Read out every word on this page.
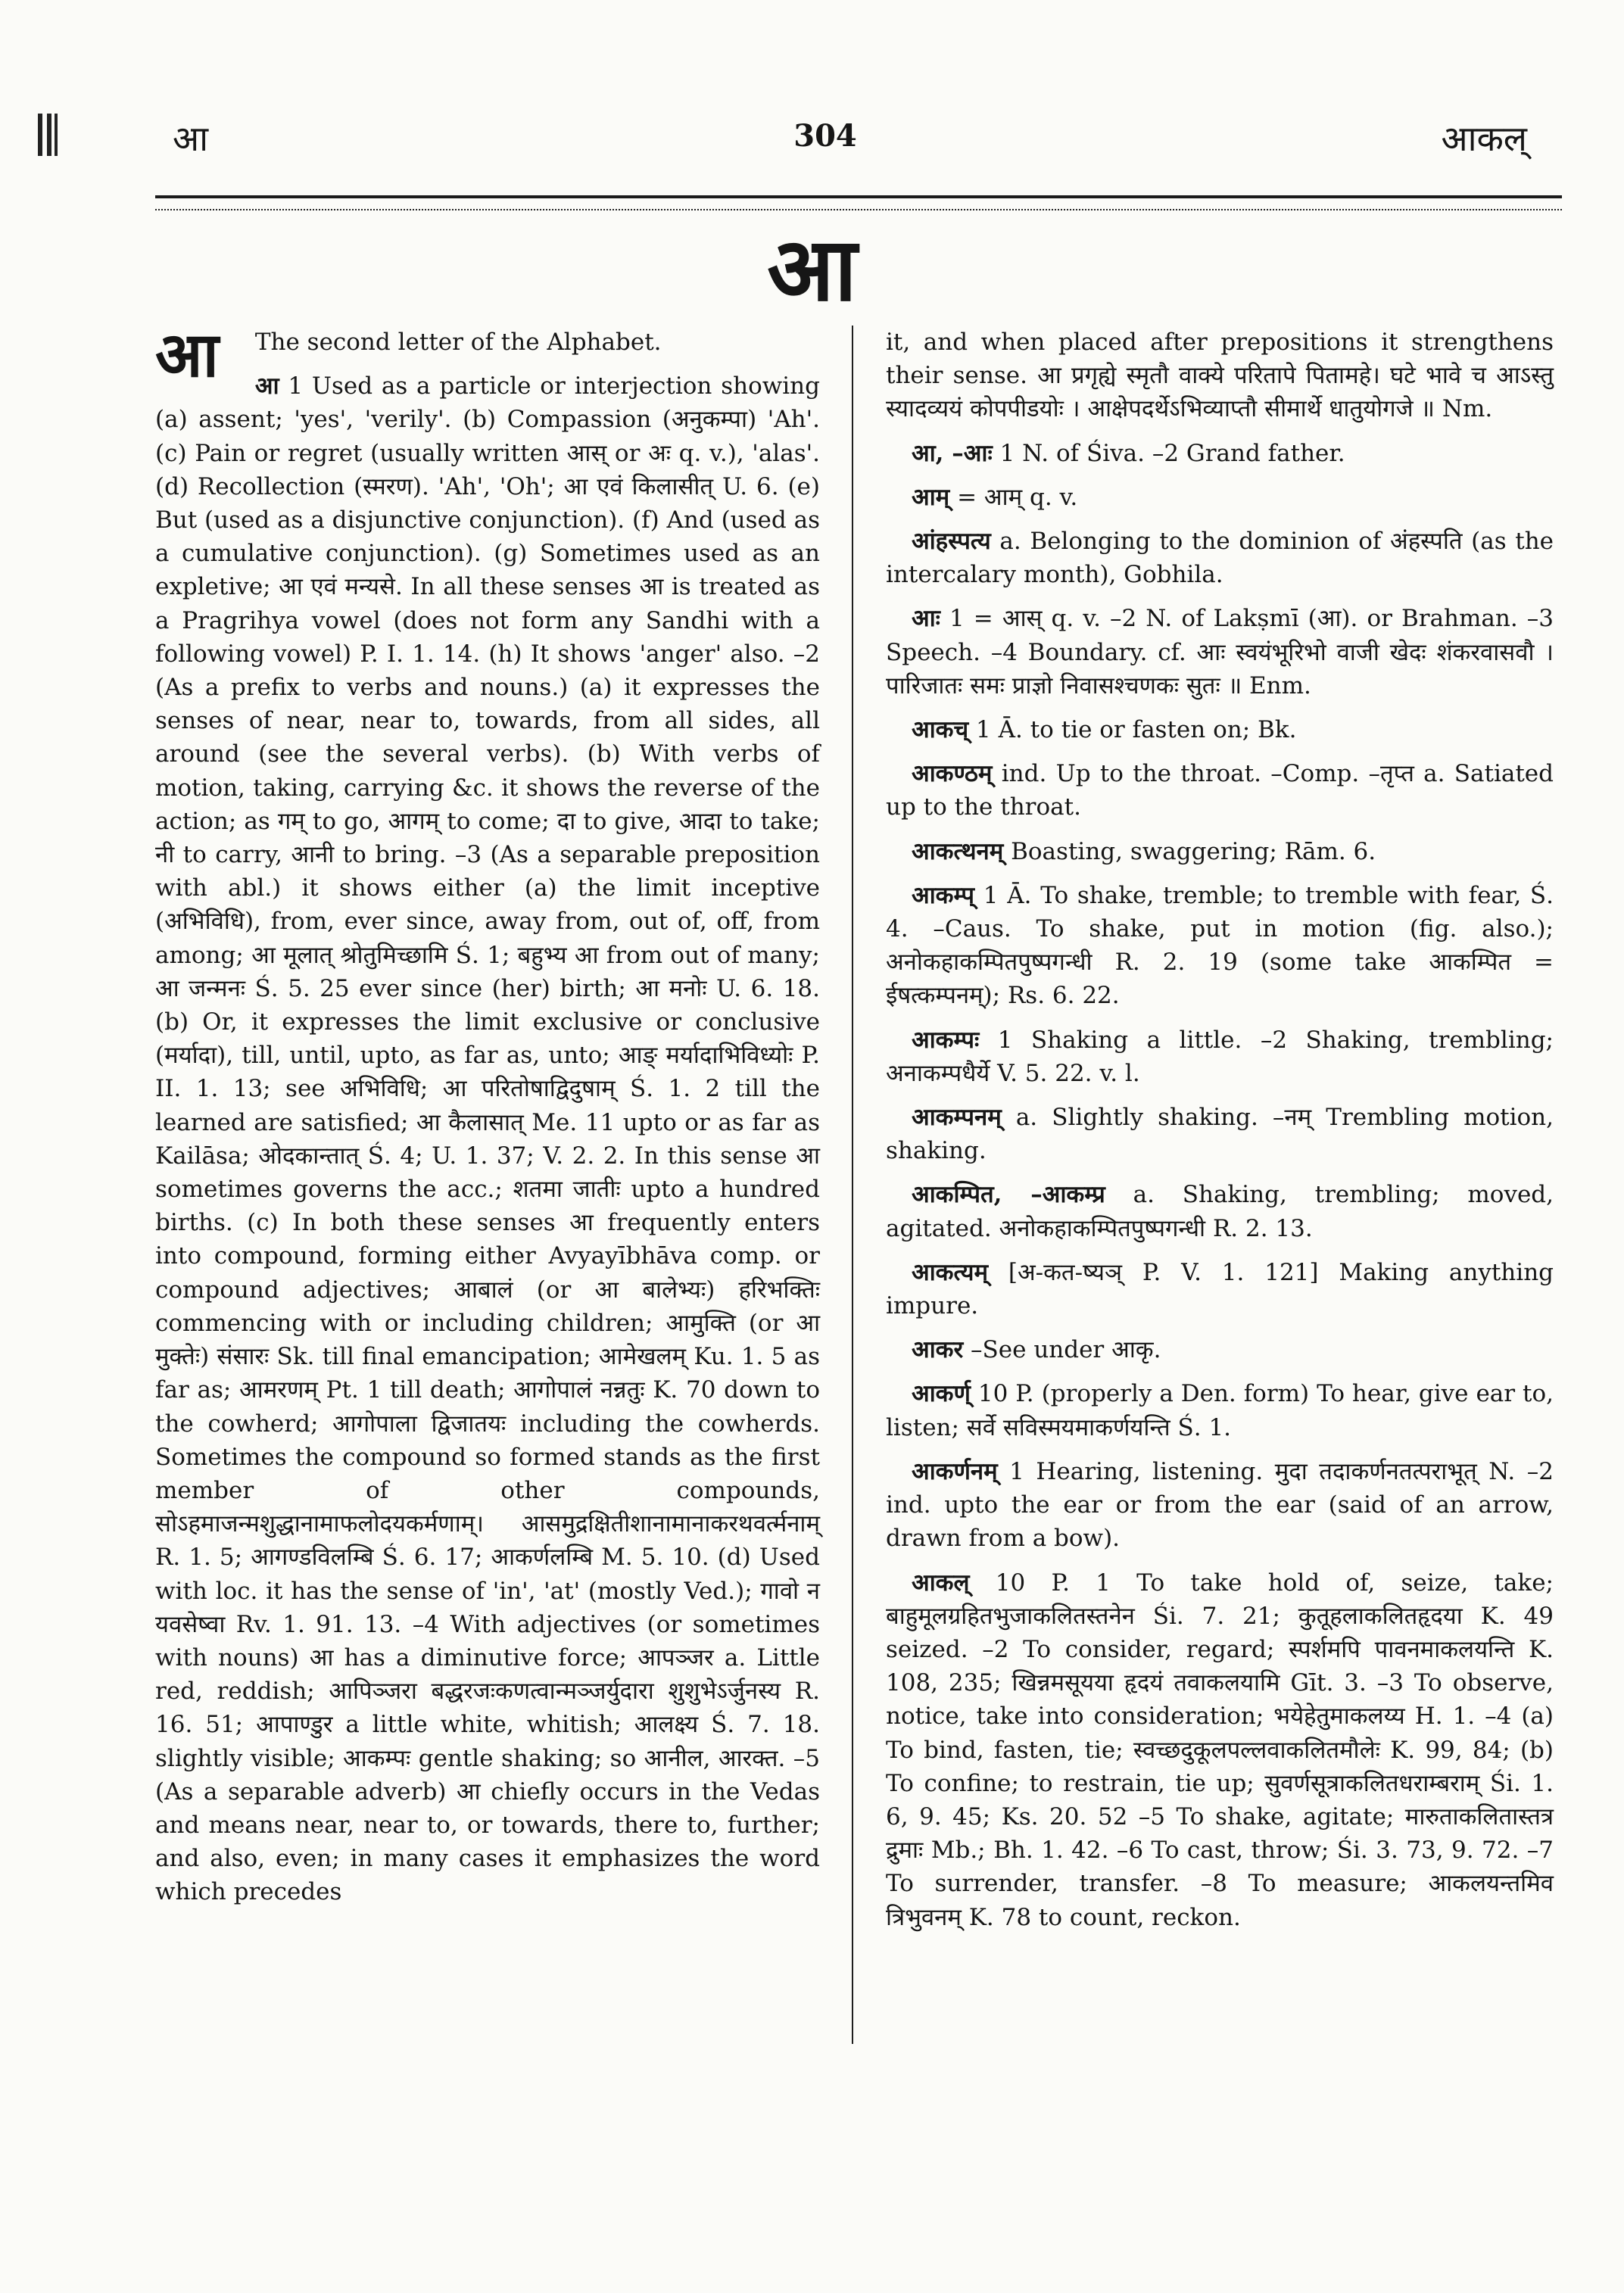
आ	304	आकल्
आ

आ The second letter of the Alphabet.

आ 1 Used as a particle or interjection showing (a) assent; 'yes', 'verily'. (b) Compassion (अनुकम्पा) 'Ah'. (c) Pain or regret (usually written आस् or अः q. v.), 'alas'. (d) Recollection (स्मरण). 'Ah', 'Oh'; आ एवं किलासीत् U. 6. (e) But (used as a disjunctive conjunction). (f) And (used as a cumulative conjunction). (g) Sometimes used as an expletive; आ एवं मन्यसे. In all these senses आ is treated as a Pragrihya vowel (does not form any Sandhi with a following vowel) P. I. 1. 14. (h) It shows 'anger' also. –2 (As a prefix to verbs and nouns.) (a) it expresses the senses of near, near to, towards, from all sides, all around (see the several verbs). (b) With verbs of motion, taking, carrying &c. it shows the reverse of the action; as गम् to go, आगम् to come; दा to give, आदा to take; नी to carry, आनी to bring. –3 (As a separable preposition with abl.) it shows either (a) the limit inceptive (अभिविधि), from, ever since, away from, out of, off, from among; आ मूलात् श्रोतुमिच्छामि Ś. 1; बहुभ्य आ from out of many; आ जन्मनः Ś. 5. 25 ever since (her) birth; आ मनोः U. 6. 18. (b) Or, it expresses the limit exclusive or conclusive (मर्यादा), till, until, upto, as far as, unto; आङ् मर्यादाभिविध्योः P. II. 1. 13; see अभिविधि; आ परितोषाद्विदुषाम् Ś. 1. 2 till the learned are satisfied; आ कैलासात् Me. 11 upto or as far as Kailāsa; ओदकान्तात् Ś. 4; U. 1. 37; V. 2. 2. In this sense आ sometimes governs the acc.; शतमा जातीः upto a hundred births. (c) In both these senses आ frequently enters into compound, forming either Avyayībhāva comp. or compound adjectives; आबालं (or आ बालेभ्यः) हरिभक्तिः commencing with or including children; आमुक्ति (or आ मुक्तेः) संसारः Sk. till final emancipation; आमेखलम् Ku. 1. 5 as far as; आमरणम् Pt. 1 till death; आगोपालं नन्नतुः K. 70 down to the cowherd; आगोपाला द्विजातयः including the cowherds. Sometimes the compound so formed stands as the first member of other compounds, सोऽहमाजन्मशुद्धानामाफलोदयकर्मणाम्। आसमुद्रक्षितीशानामानाकरथवर्त्मनाम् R. 1. 5; आगण्डविलम्बि Ś. 6. 17; आकर्णलम्बि M. 5. 10. (d) Used with loc. it has the sense of 'in', 'at' (mostly Ved.); गावो न यवसेष्वा Rv. 1. 91. 13. –4 With adjectives (or sometimes with nouns) आ has a diminutive force; आपञ्जर a. Little red, reddish; आपिञ्जरा बद्धरजःकणत्वान्मञ्जर्युदारा शुशुभेऽर्जुनस्य R. 16. 51; आपाण्डुर a little white, whitish; आलक्ष्य Ś. 7. 18. slightly visible; आकम्पः gentle shaking; so आनील, आरक्त. –5 (As a separable adverb) आ chiefly occurs in the Vedas and means near, near to, or towards, there to, further; and also, even; in many cases it emphasizes the word which precedes

it, and when placed after prepositions it strengthens their sense. आ प्रगृह्ये स्मृतौ वाक्ये परितापे पितामहे। घटे भावे च आऽस्तु स्यादव्ययं कोपपीडयोः । आक्षेपदर्थेऽभिव्याप्तौ सीमार्थे धातुयोगजे ॥ Nm.

आ, –आः 1 N. of Śiva. –2 Grand father.

आम् = आम् q. v.

आंहस्पत्य a. Belonging to the dominion of अंहस्पति (as the intercalary month), Gobhila.

आः 1 = आस् q. v. –2 N. of Lakṣmī (आ). or Brahman. –3 Speech. –4 Boundary. cf. आः स्वयंभूरिभो वाजी खेदः शंकरवासवौ । पारिजातः समः प्राज्ञो निवासश्चणकः सुतः ॥ Enm.

आकच् 1 Ā. to tie or fasten on; Bk.

आकण्ठम् ind. Up to the throat. –Comp. –तृप्त a. Satiated up to the throat.

आकत्थनम् Boasting, swaggering; Rām. 6.

आकम्प् 1 Ā. To shake, tremble; to tremble with fear, Ś. 4. –Caus. To shake, put in motion (fig. also.); अनोकहाकम्पितपुष्पगन्धी R. 2. 19 (some take आकम्पित = ईषत्कम्पनम्); Rs. 6. 22.

आकम्पः 1 Shaking a little. –2 Shaking, trembling; अनाकम्पधैर्ये V. 5. 22. v. l.

आकम्पनम् a. Slightly shaking. –नम् Trembling motion, shaking.

आकम्पित, –आकम्प्र a. Shaking, trembling; moved, agitated. अनोकहाकम्पितपुष्पगन्धी R. 2. 13.

आकत्यम् [अ-कत-ष्यञ् P. V. 1. 121] Making anything impure.

आकर –See under आकृ.

आकर्ण् 10 P. (properly a Den. form) To hear, give ear to, listen; सर्वे सविस्मयमाकर्णयन्ति Ś. 1.

आकर्णनम् 1 Hearing, listening. मुदा तदाकर्णनतत्पराभूत् N. –2 ind. upto the ear or from the ear (said of an arrow, drawn from a bow).

आकल् 10 P. 1 To take hold of, seize, take; बाहुमूलग्रहितभुजाकलितस्तनेन Śi. 7. 21; कुतूहलाकलितहृदया K. 49 seized. –2 To consider, regard; स्पर्शमपि पावनमाकलयन्ति K. 108, 235; खिन्नमसूयया हृदयं तवाकलयामि Gīt. 3. –3 To observe, notice, take into consideration; भयेहेतुमाकलय्य H. 1. –4 (a) To bind, fasten, tie; स्वच्छदुकूलपल्लवाकलितमौलेः K. 99, 84; (b) To confine; to restrain, tie up; सुवर्णसूत्राकलितधराम्बराम् Śi. 1. 6, 9. 45; Ks. 20. 52 –5 To shake, agitate; मारुताकलितास्तत्र द्रुमाः Mb.; Bh. 1. 42. –6 To cast, throw; Śi. 3. 73, 9. 72. –7 To surrender, transfer. –8 To measure; आकलयन्तमिव त्रिभुवनम् K. 78 to count, reckon.
